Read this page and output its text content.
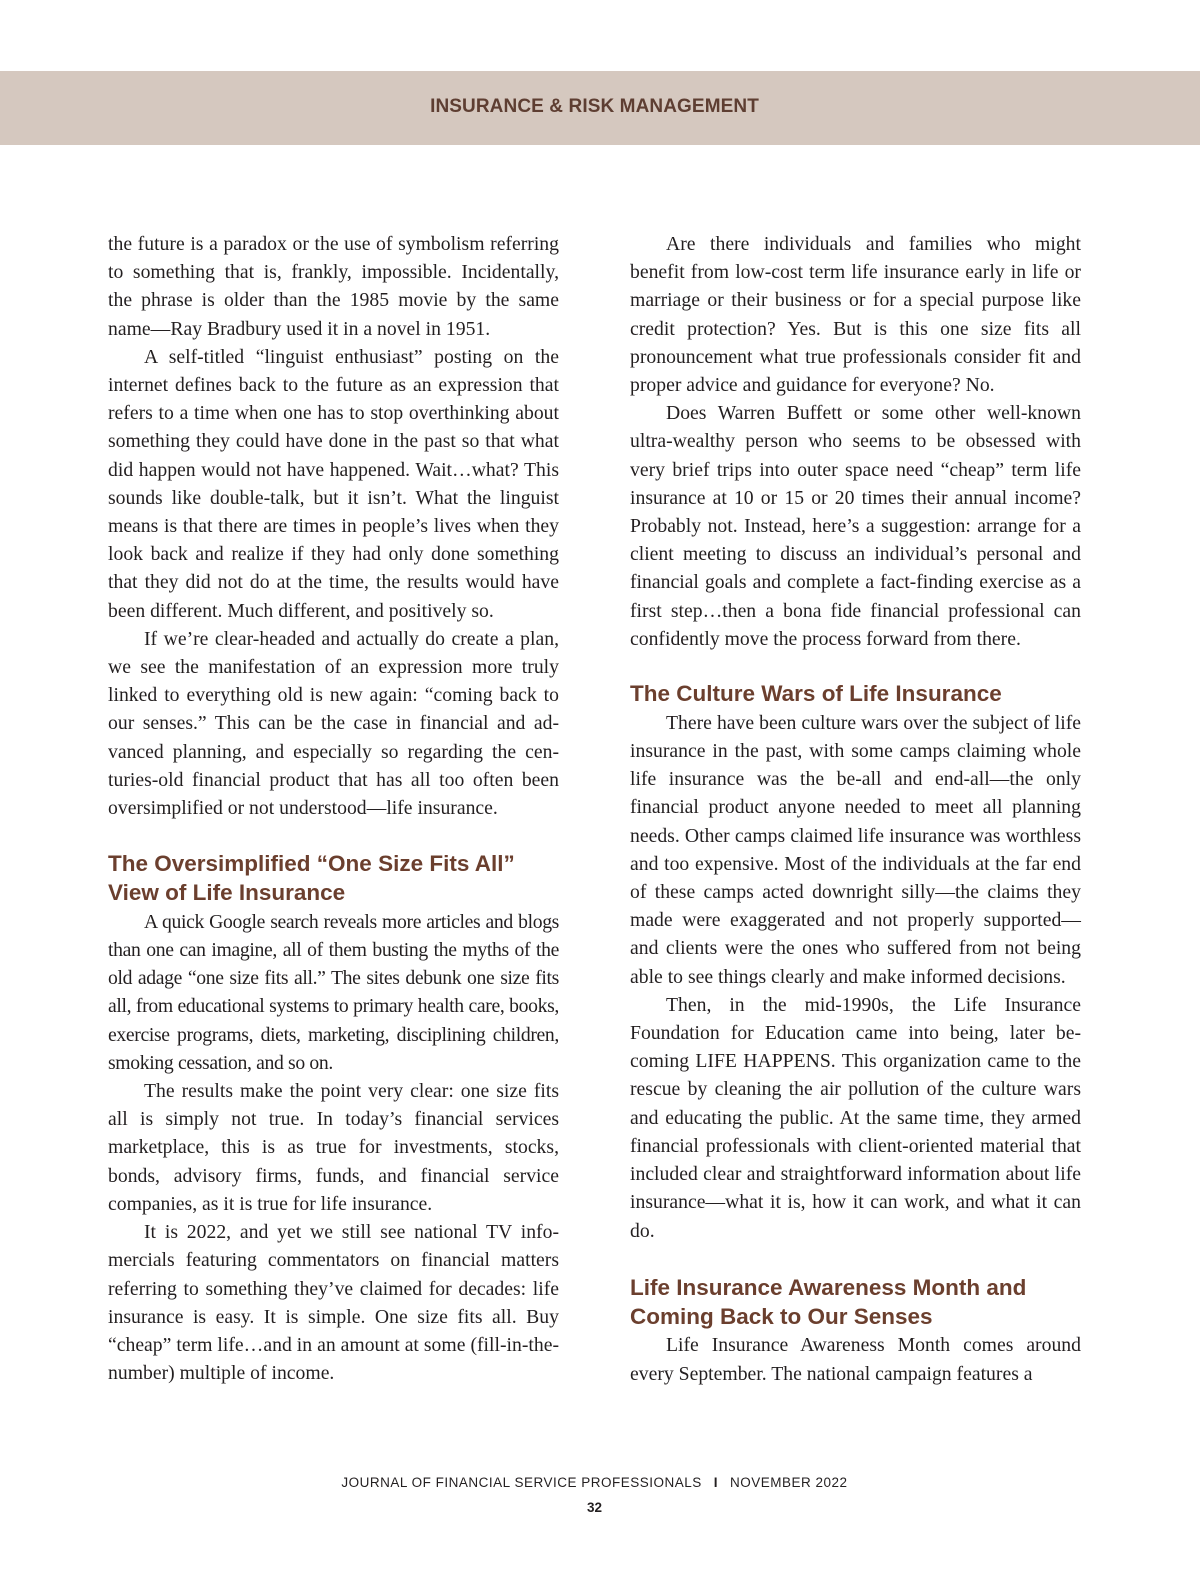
INSURANCE & RISK MANAGEMENT

the future is a paradox or the use of symbolism referring to something that is, frankly, impossible. Incidentally, the phrase is older than the 1985 movie by the same name—Ray Bradbury used it in a novel in 1951.

A self-titled “linguist enthusiast” posting on the internet defines back to the future as an expression that refers to a time when one has to stop overthinking about something they could have done in the past so that what did happen would not have happened. Wait…what? This sounds like double-talk, but it isn’t. What the linguist means is that there are times in people’s lives when they look back and realize if they had only done something that they did not do at the time, the results would have been different. Much different, and positively so.

If we’re clear-headed and actually do create a plan, we see the manifestation of an expression more truly linked to everything old is new again: “coming back to our senses.” This can be the case in financial and advanced planning, and especially so regarding the centuries-old financial product that has all too often been oversimplified or not understood—life insurance.

The Oversimplified “One Size Fits All” View of Life Insurance

A quick Google search reveals more articles and blogs than one can imagine, all of them busting the myths of the old adage “one size fits all.” The sites debunk one size fits all, from educational systems to primary health care, books, exercise programs, diets, marketing, disciplining children, smoking cessation, and so on.

The results make the point very clear: one size fits all is simply not true. In today’s financial services marketplace, this is as true for investments, stocks, bonds, advisory firms, funds, and financial service companies, as it is true for life insurance.

It is 2022, and yet we still see national TV infomercials featuring commentators on financial matters referring to something they’ve claimed for decades: life insurance is easy. It is simple. One size fits all. Buy “cheap” term life…and in an amount at some (fill-in-the-number) multiple of income.

Are there individuals and families who might benefit from low-cost term life insurance early in life or marriage or their business or for a special purpose like credit protection? Yes. But is this one size fits all pronouncement what true professionals consider fit and proper advice and guidance for everyone? No.

Does Warren Buffett or some other well-known ultra-wealthy person who seems to be obsessed with very brief trips into outer space need “cheap” term life insurance at 10 or 15 or 20 times their annual income? Probably not. Instead, here’s a suggestion: arrange for a client meeting to discuss an individual’s personal and financial goals and complete a fact-finding exercise as a first step…then a bona fide financial professional can confidently move the process forward from there.

The Culture Wars of Life Insurance

There have been culture wars over the subject of life insurance in the past, with some camps claiming whole life insurance was the be-all and end-all—the only financial product anyone needed to meet all planning needs. Other camps claimed life insurance was worthless and too expensive. Most of the individuals at the far end of these camps acted downright silly—the claims they made were exaggerated and not properly supported—and clients were the ones who suffered from not being able to see things clearly and make informed decisions.

Then, in the mid-1990s, the Life Insurance Foundation for Education came into being, later becoming LIFE HAPPENS. This organization came to the rescue by cleaning the air pollution of the culture wars and educating the public. At the same time, they armed financial professionals with client-oriented material that included clear and straightforward information about life insurance—what it is, how it can work, and what it can do.

Life Insurance Awareness Month and Coming Back to Our Senses

Life Insurance Awareness Month comes around every September. The national campaign features a

JOURNAL OF FINANCIAL SERVICE PROFESSIONALS I NOVEMBER 2022
32
